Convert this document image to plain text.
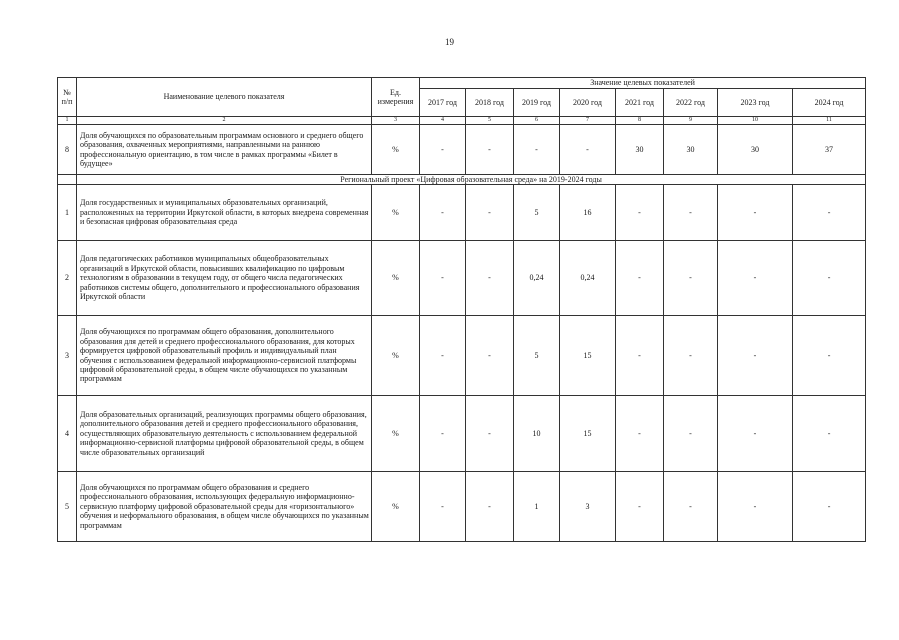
19
№ п/п	Наименование целевого показателя	Ед. измерения	Значение целевых показателей							
			2017 год	2018 год	2019 год	2020 год	2021 год	2022 год	2023 год	2024 год
1	2	3	4	5	6	7	8	9	10	11
8	Доля обучающихся по образовательным программам основного и среднего общего образования, охваченных мероприятиями, направленными на раннюю профессиональную ориентацию, в том числе в рамках программы «Билет в будущее»	%	-	-	-	-	30	30	30	37
	Региональный проект «Цифровая образовательная среда» на 2019-2024 годы									
1	Доля государственных и муниципальных образовательных организаций, расположенных на территории Иркутской области, в которых внедрена современная и безопасная цифровая образовательная среда	%	-	-	5	16	-	-	-	-
2	Доля педагогических работников муниципальных общеобразовательных организаций в Иркутской области, повысивших квалификацию по цифровым технологиям в образовании в текущем году, от общего числа педагогических работников системы общего, дополнительного и профессионального образования Иркутской области	%	-	-	0,24	0,24	-	-	-	-
3	Доля обучающихся по программам общего образования, дополнительного образования для детей и среднего профессионального образования, для которых формируется цифровой образовательный профиль и индивидуальный план обучения с использованием федеральной информационно-сервисной платформы цифровой образовательной среды, в общем числе обучающихся по указанным программам	%	-	-	5	15	-	-	-	-
4	Доля образовательных организаций, реализующих программы общего образования, дополнительного образования детей и среднего профессионального образования, осуществляющих образовательную деятельность с использованием федеральной информационно-сервисной платформы цифровой образовательной среды, в общем числе образовательных организаций	%	-	-	10	15	-	-	-	-
5	Доля обучающихся по программам общего образования и среднего профессионального образования, использующих федеральную информационно-сервисную платформу цифровой образовательной среды для «горизонтального» обучения и неформального образования, в общем числе обучающихся по указанным программам	%	-	-	1	3	-	-	-	-
